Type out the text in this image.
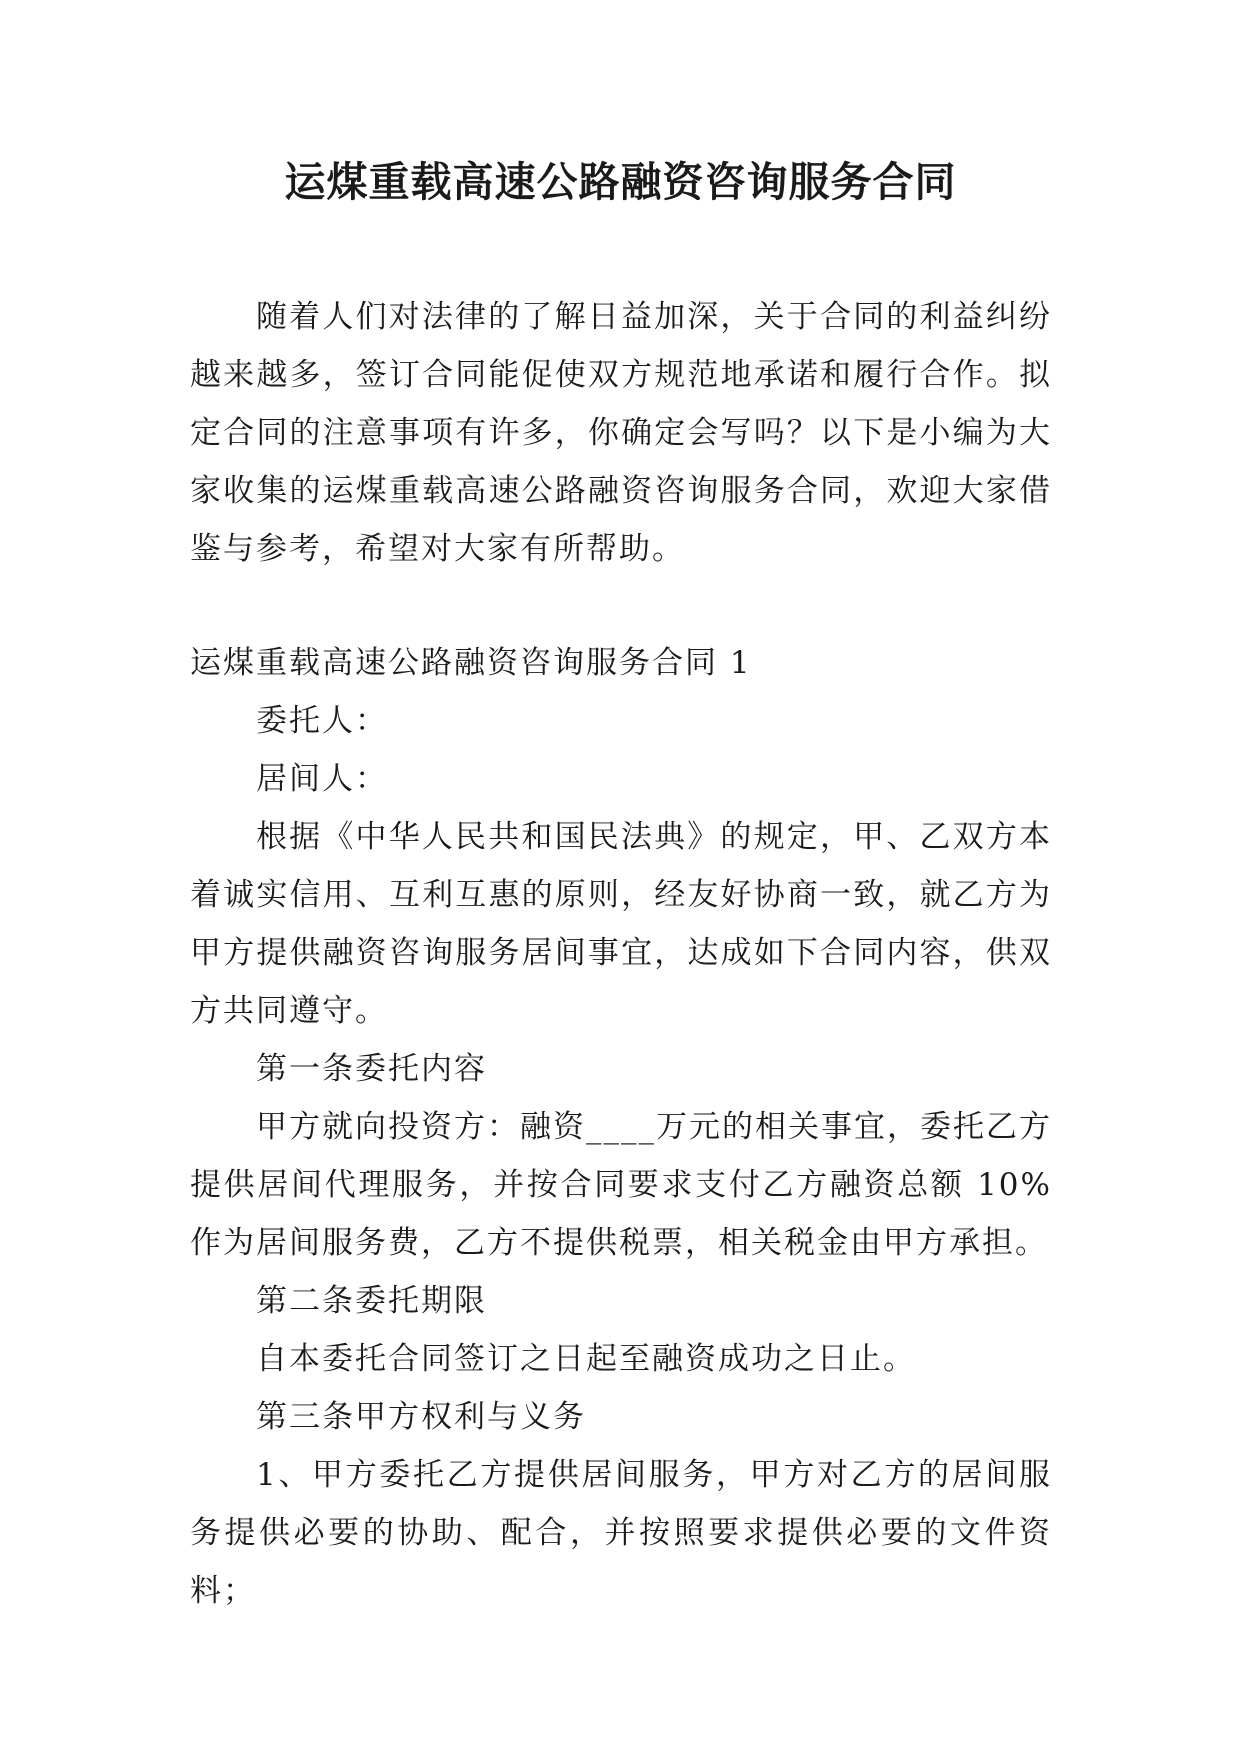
运煤重载高速公路融资咨询服务合同

随着人们对法律的了解日益加深，关于合同的利益纠纷越来越多，签订合同能促使双方规范地承诺和履行合作。拟定合同的注意事项有许多，你确定会写吗？以下是小编为大家收集的运煤重载高速公路融资咨询服务合同，欢迎大家借鉴与参考，希望对大家有所帮助。

运煤重载高速公路融资咨询服务合同 1

委托人：

居间人：

根据《中华人民共和国民法典》的规定，甲、乙双方本着诚实信用、互利互惠的原则，经友好协商一致，就乙方为甲方提供融资咨询服务居间事宜，达成如下合同内容，供双方共同遵守。

第一条委托内容

甲方就向投资方：融资____万元的相关事宜，委托乙方提供居间代理服务，并按合同要求支付乙方融资总额 10%作为居间服务费，乙方不提供税票，相关税金由甲方承担。

第二条委托期限

自本委托合同签订之日起至融资成功之日止。

第三条甲方权利与义务

1、甲方委托乙方提供居间服务，甲方对乙方的居间服务提供必要的协助、配合，并按照要求提供必要的文件资料；
